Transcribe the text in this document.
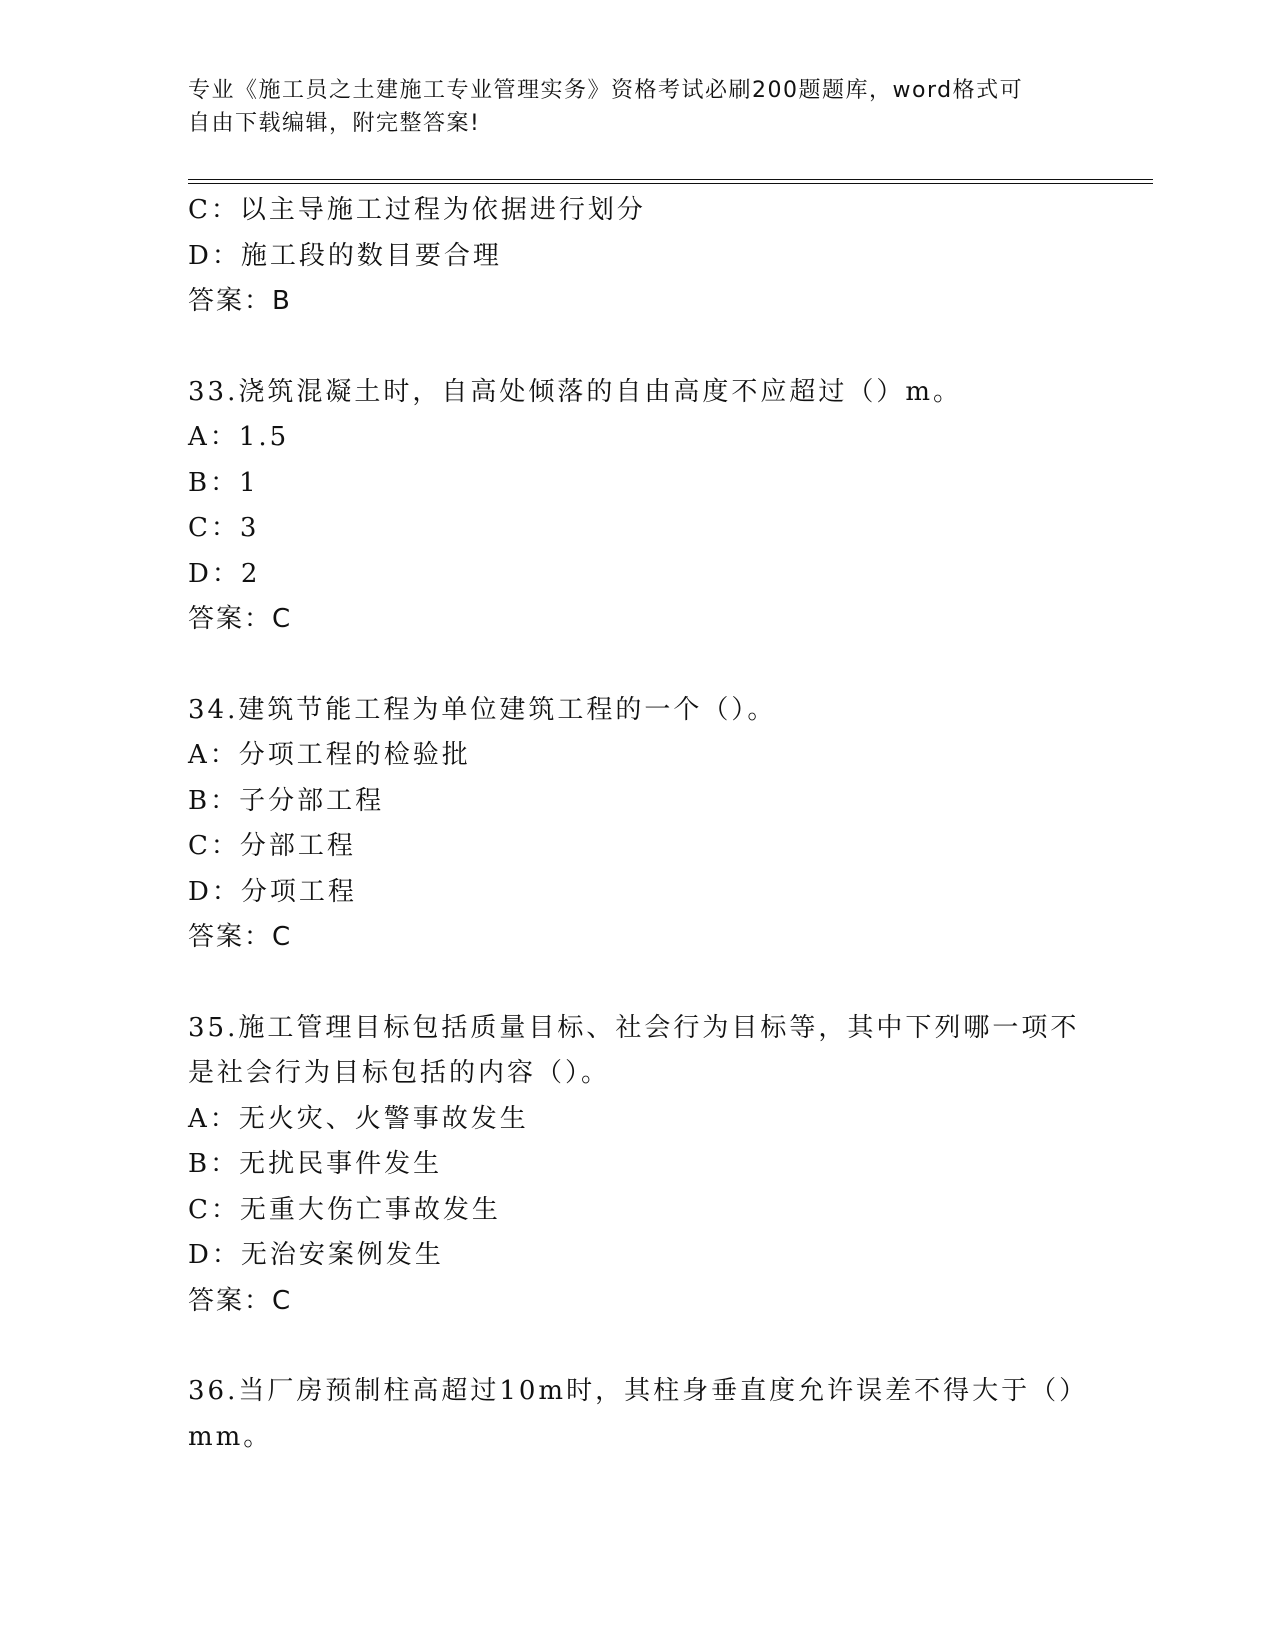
专业《施工员之土建施工专业管理实务》资格考试必刷200题题库，word格式可
自由下载编辑，附完整答案!
C：以主导施工过程为依据进行划分
D：施工段的数目要合理
答案：B
33.浇筑混凝土时，自高处倾落的自由高度不应超过（）m。
A：1.5
B：1
C：3
D：2
答案：C
34.建筑节能工程为单位建筑工程的一个（）。
A：分项工程的检验批
B：子分部工程
C：分部工程
D：分项工程
答案：C
35.施工管理目标包括质量目标、社会行为目标等，其中下列哪一项不
是社会行为目标包括的内容（）。
A：无火灾、火警事故发生
B：无扰民事件发生
C：无重大伤亡事故发生
D：无治安案例发生
答案：C
36.当厂房预制柱高超过10m时，其柱身垂直度允许误差不得大于（）
mm。
